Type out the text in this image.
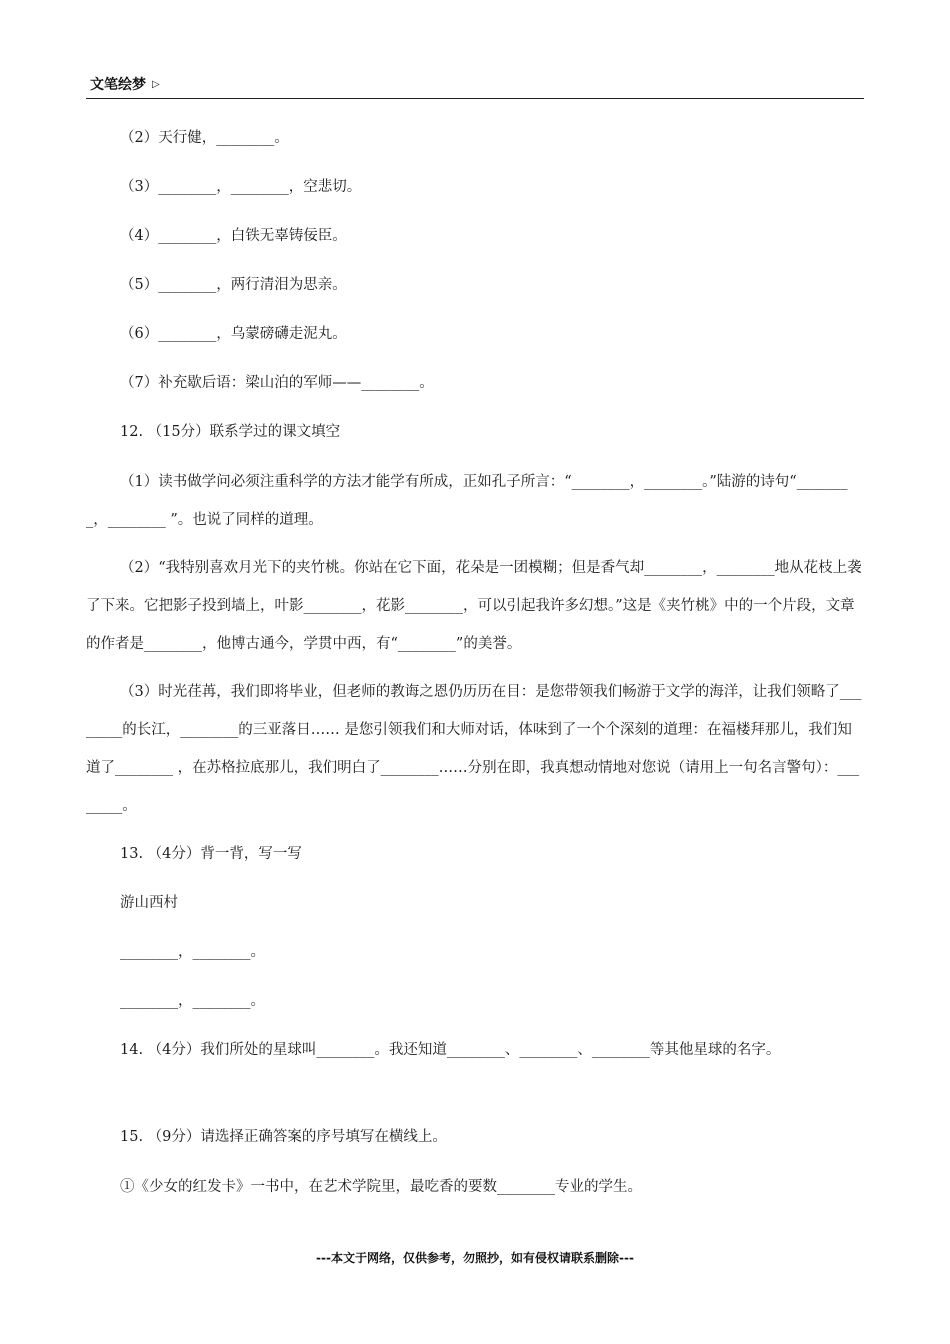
文笔绘梦 ▷
（2）天行健，________。
（3）________，________，空悲切。
（4）________，白铁无辜铸佞臣。
（5）________，两行清泪为思亲。
（6）________，乌蒙磅礴走泥丸。
（7）补充歇后语：梁山泊的军师——________。
12. （15分）联系学过的课文填空
（1）读书做学问必须注重科学的方法才能学有所成，正如孔子所言：“________，________。”陆游的诗句“________，________ ”。也说了同样的道理。
（2）“我特别喜欢月光下的夹竹桃。你站在它下面，花朵是一团模糊；但是香气却________，________地从花枝上袭了下来。它把影子投到墙上，叶影________，花影________，可以引起我许多幻想。”这是《夹竹桃》中的一个片段，文章的作者是________，他博古通今，学贯中西，有“________”的美誉。
（3）时光荏苒，我们即将毕业，但老师的教诲之恩仍历历在目：是您带领我们畅游于文学的海洋，让我们领略了________的长江，________的三亚落日…… 是您引领我们和大师对话，体味到了一个个深刻的道理：在福楼拜那儿，我们知道了________ ，在苏格拉底那儿，我们明白了________……分别在即，我真想动情地对您说（请用上一句名言警句）：________。
13. （4分）背一背，写一写
游山西村
________，________。
________，________。
14. （4分）我们所处的星球叫________。我还知道________、________、________等其他星球的名字。
15. （9分）请选择正确答案的序号填写在横线上。
①《少女的红发卡》一书中，在艺术学院里，最吃香的要数________专业的学生。
---本文于网络，仅供参考，勿照抄，如有侵权请联系删除---
